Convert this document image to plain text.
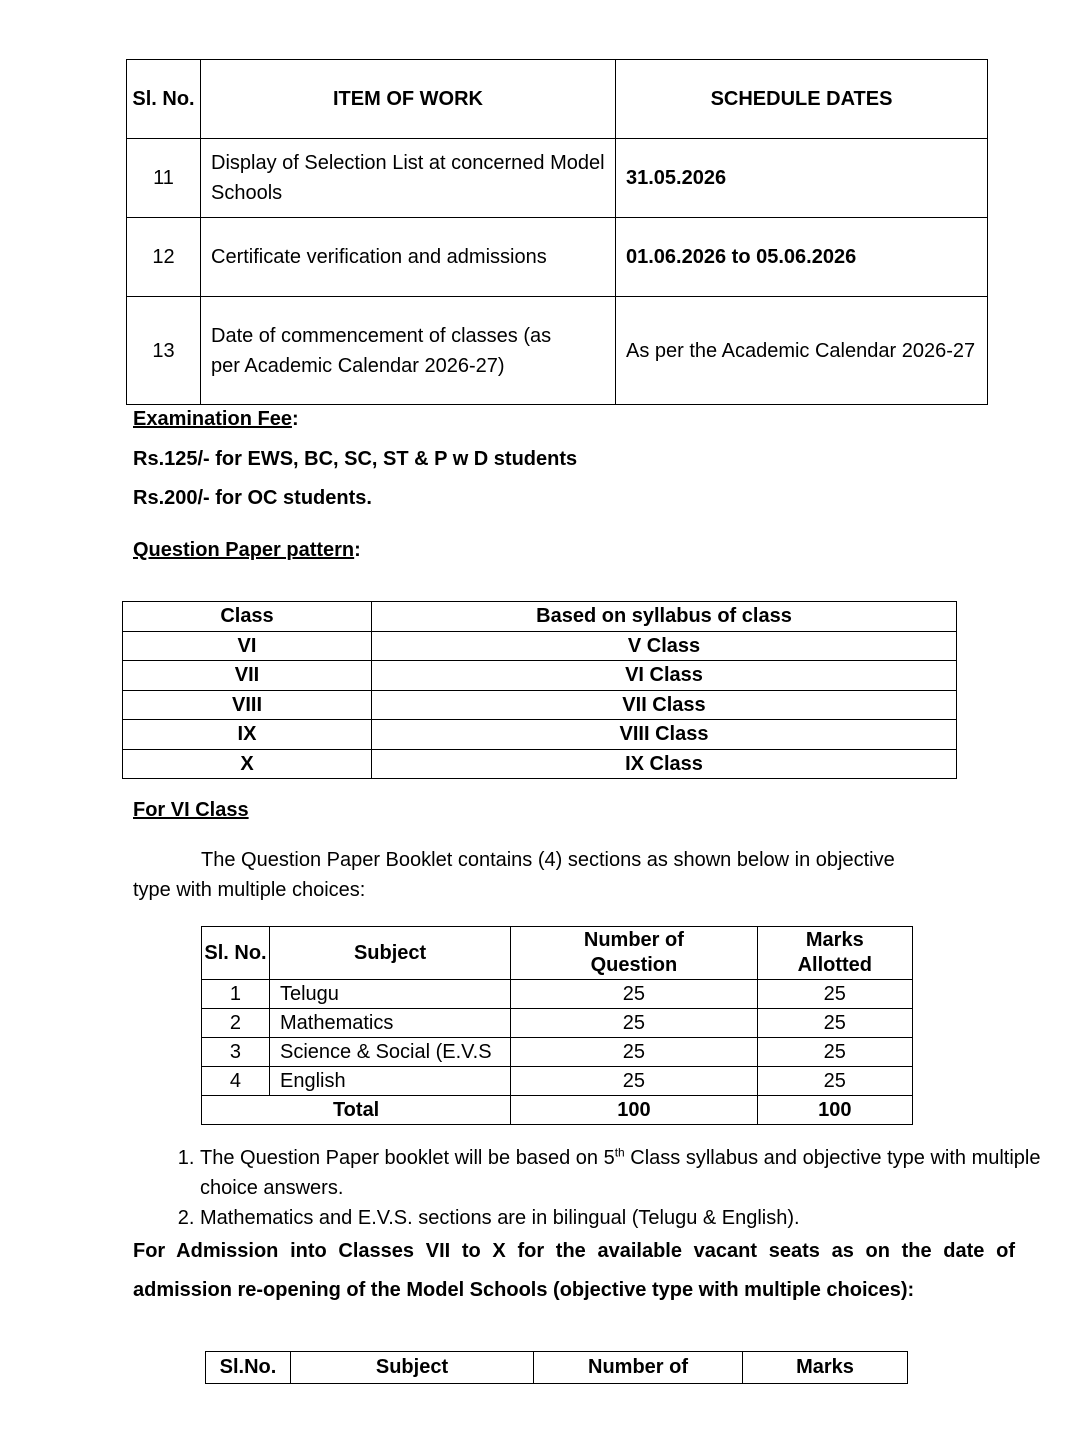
Sl. No.	ITEM OF WORK	SCHEDULE DATES
11	Display of Selection List at concerned Model Schools	31.05.2026
12	Certificate verification and admissions	01.06.2026 to 05.06.2026
13	Date of commencement of classes (as per Academic Calendar 2026-27)	As per the Academic Calendar 2026-27
Examination Fee:
Rs.125/- for EWS, BC, SC, ST & P w D students
Rs.200/- for OC students.
Question Paper pattern:
Class	Based on syllabus of class
VI	V Class
VII	VI Class
VIII	VII Class
IX	VIII Class
X	IX Class
For VI Class
The Question Paper Booklet contains (4) sections as shown below in objective
type with multiple choices:
Sl. No.	Subject	Number of Question	Marks Allotted
1	Telugu	25	25
2	Mathematics	25	25
3	Science & Social (E.V.S	25	25
4	English	25	25
Total		100	100
1. The Question Paper booklet will be based on 5th Class syllabus and objective type with multiple choice answers.
2. Mathematics and E.V.S. sections are in bilingual (Telugu & English).
For Admission into Classes VII to X for the available vacant seats as on the date of admission re-opening of the Model Schools (objective type with multiple choices):
Sl.No.	Subject	Number of	Marks
